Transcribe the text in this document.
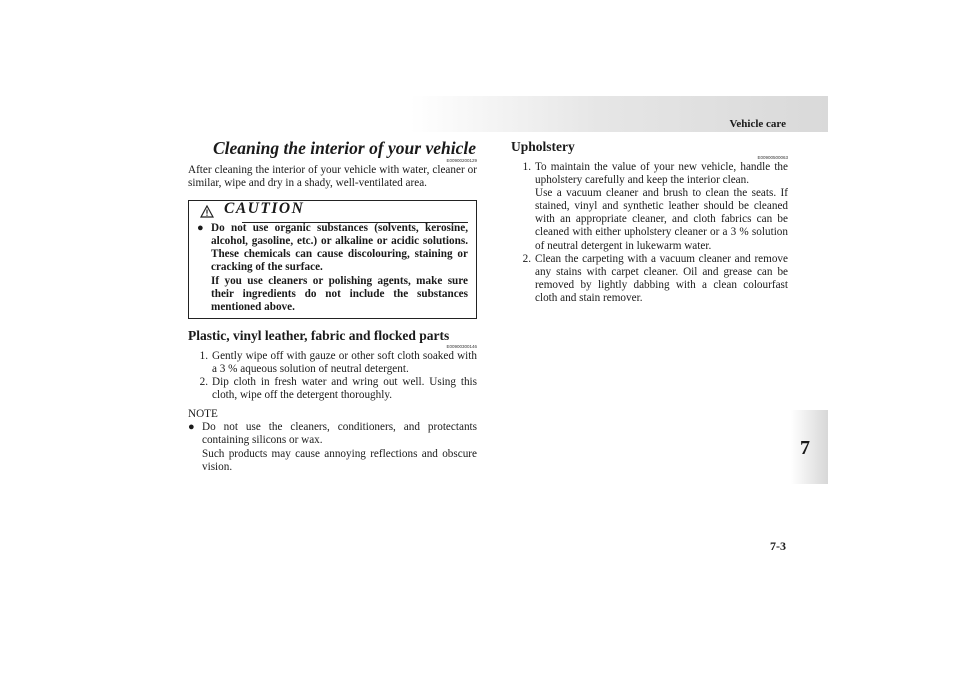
Vehicle care
7
7-3
Cleaning the interior of your vehicle
E00900200129

After cleaning the interior of your vehicle with water, cleaner or similar, wipe and dry in a shady, well-ventilated area.

CAUTION
● Do not use organic substances (solvents, kerosine, alcohol, gasoline, etc.) or alkaline or acidic solutions. These chemicals can cause discolouring, staining or cracking of the surface.

If you use cleaners or polishing agents, make sure their ingredients do not include the substances mentioned above.

Plastic, vinyl leather, fabric and flocked parts
E00900300146
1. Gently wipe off with gauze or other soft cloth soaked with a 3 % aqueous solution of neutral detergent.
2. Dip cloth in fresh water and wring out well. Using this cloth, wipe off the detergent thoroughly.
NOTE
● Do not use the cleaners, conditioners, and protectants containing silicons or wax.

Such products may cause annoying reflections and obscure vision.

Upholstery
E00900500063
1. To maintain the value of your new vehicle, handle the upholstery carefully and keep the interior clean.

Use a vacuum cleaner and brush to clean the seats. If stained, vinyl and synthetic leather should be cleaned with an appropriate cleaner, and cloth fabrics can be cleaned with either upholstery cleaner or a 3 % solution of neutral detergent in lukewarm water.

2. Clean the carpeting with a vacuum cleaner and remove any stains with carpet cleaner. Oil and grease can be removed by lightly dabbing with a clean colourfast cloth and stain remover.
